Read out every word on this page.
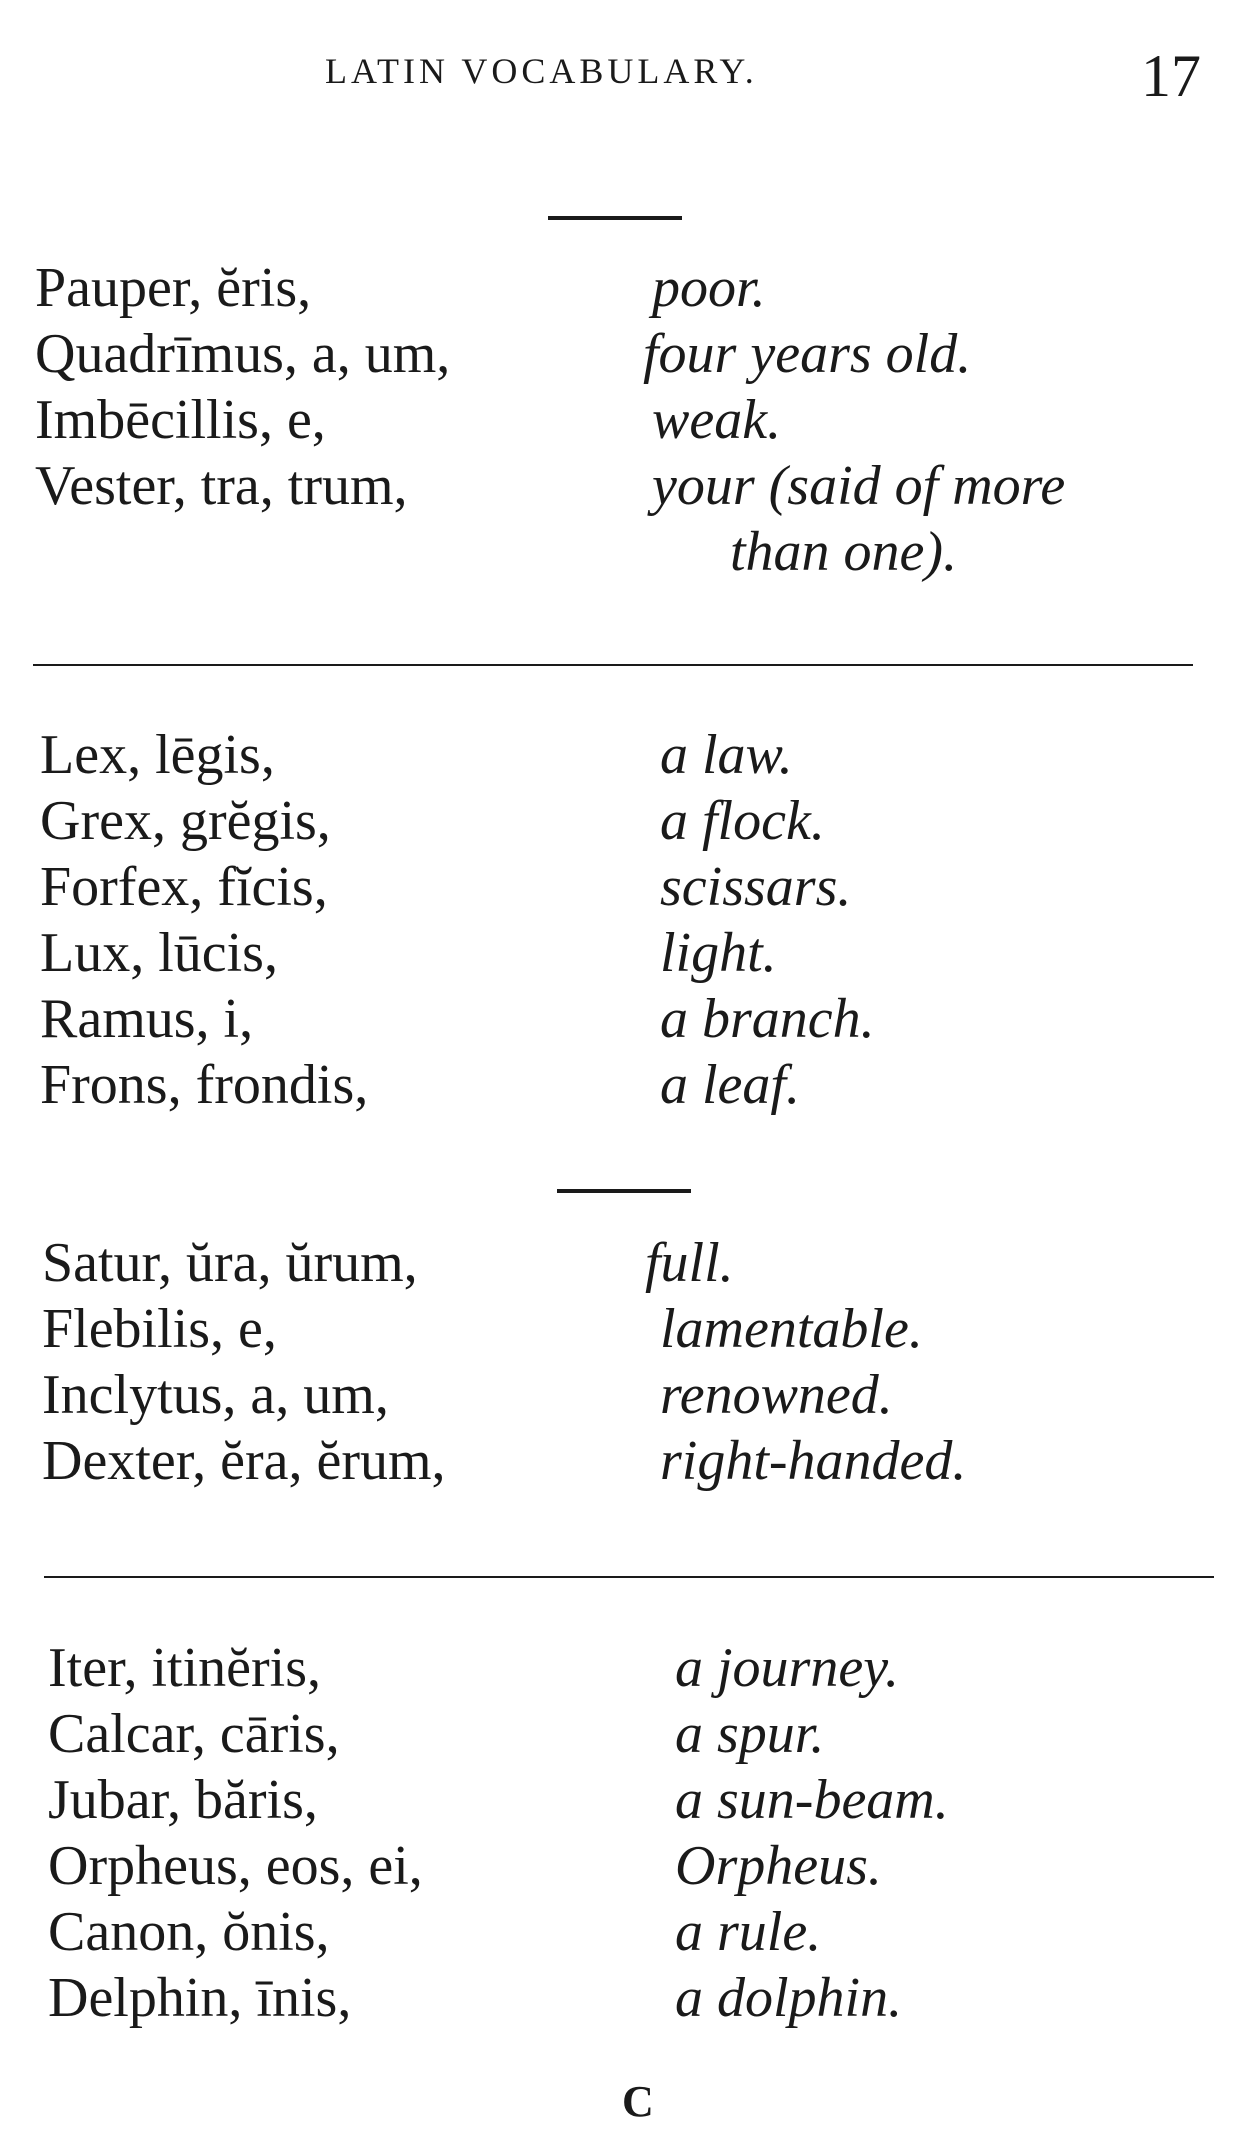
LATIN VOCABULARY.	17
Pauper, ĕris,	poor.
Quadrīmus, a, um,	four years old.
Imbēcillis, e,	weak.
Vester, tra, trum,	your (said of more
than one).
Lex, lēgis,	a law.
Grex, grĕgis,	a flock.
Forfex, fĭcis,	scissars.
Lux, lūcis,	light.
Ramus, i,	a branch.
Frons, frondis,	a leaf.
Satur, ŭra, ŭrum,	full.
Flebilis, e,	lamentable.
Inclytus, a, um,	renowned.
Dexter, ĕra, ĕrum,	right-handed.
Iter, itinĕris,	a journey.
Calcar, cāris,	a spur.
Jubar, băris,	a sun-beam.
Orpheus, eos, ei,	Orpheus.
Canon, ŏnis,	a rule.
Delphin, īnis,	a dolphin.
C
